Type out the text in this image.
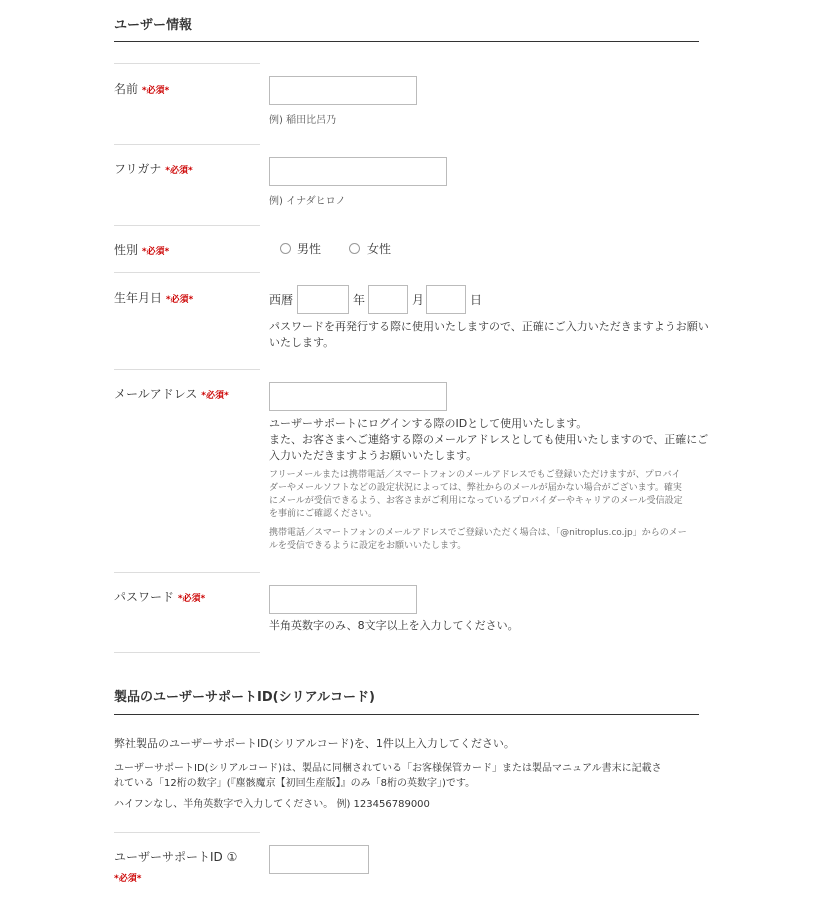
ユーザー情報
名前 *必須*
例) 稲田比呂乃
フリガナ *必須*
例) イナダヒロノ
性別 *必須*	男性	女性
生年月日 *必須*	西暦	年	月	日
パスワードを再発行する際に使用いたしますので、正確にご入力いただきますようお願い
いたします。
メールアドレス *必須*
ユーザーサポートにログインする際のIDとして使用いたします。
また、お客さまへご連絡する際のメールアドレスとしても使用いたしますので、正確にご
入力いただきますようお願いいたします。
フリーメールまたは携帯電話／スマートフォンのメールアドレスでもご登録いただけますが、プロバイ
ダーやメールソフトなどの設定状況によっては、弊社からのメールが届かない場合がございます。確実
にメールが受信できるよう、お客さまがご利用になっているプロバイダーやキャリアのメール受信設定
を事前にご確認ください。
携帯電話／スマートフォンのメールアドレスでご登録いただく場合は、「@nitroplus.co.jp」からのメー
ルを受信できるように設定をお願いいたします。
パスワード *必須*
半角英数字のみ、8文字以上を入力してください。
製品のユーザーサポートID(シリアルコード)
弊社製品のユーザーサポートID(シリアルコード)を、1件以上入力してください。
ユーザーサポートID(シリアルコード)は、製品に同梱されている「お客様保管カード」または製品マニュアル書末に記載さ
れている「12桁の数字」(『塵骸魔京【初回生産版】』のみ「8桁の英数字」)です。
ハイフンなし、半角英数字で入力してください。 例) 123456789000
ユーザーサポートID ①
*必須*
